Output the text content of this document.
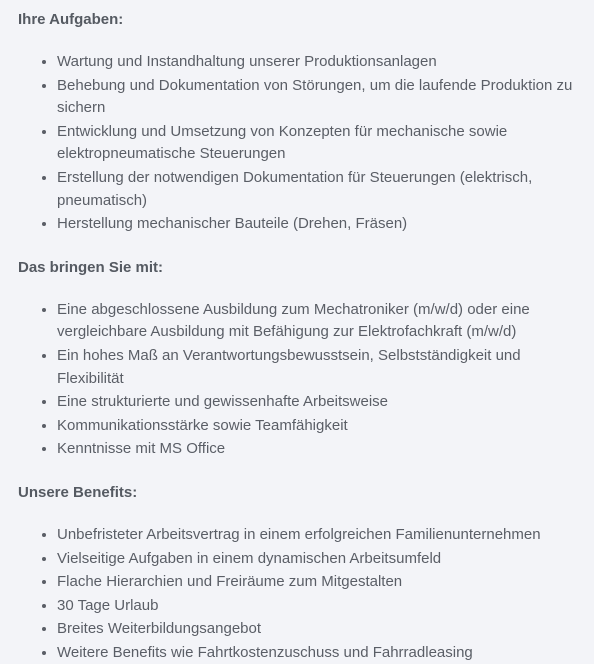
Ihre Aufgaben:
• Wartung und Instandhaltung unserer Produktionsanlagen
• Behebung und Dokumentation von Störungen, um die laufende Produktion zu sichern
• Entwicklung und Umsetzung von Konzepten für mechanische sowie elektropneumatische Steuerungen
• Erstellung der notwendigen Dokumentation für Steuerungen (elektrisch, pneumatisch)
• Herstellung mechanischer Bauteile (Drehen, Fräsen)
Das bringen Sie mit:
• Eine abgeschlossene Ausbildung zum Mechatroniker (m/w/d) oder eine vergleichbare Ausbildung mit Befähigung zur Elektrofachkraft (m/w/d)
• Ein hohes Maß an Verantwortungsbewusstsein, Selbstständigkeit und Flexibilität
• Eine strukturierte und gewissenhafte Arbeitsweise
• Kommunikationsstärke sowie Teamfähigkeit
• Kenntnisse mit MS Office
Unsere Benefits:
• Unbefristeter Arbeitsvertrag in einem erfolgreichen Familienunternehmen
• Vielseitige Aufgaben in einem dynamischen Arbeitsumfeld
• Flache Hierarchien und Freiräume zum Mitgestalten
• 30 Tage Urlaub
• Breites Weiterbildungsangebot
• Weitere Benefits wie Fahrtkostenzuschuss und Fahrradleasing
